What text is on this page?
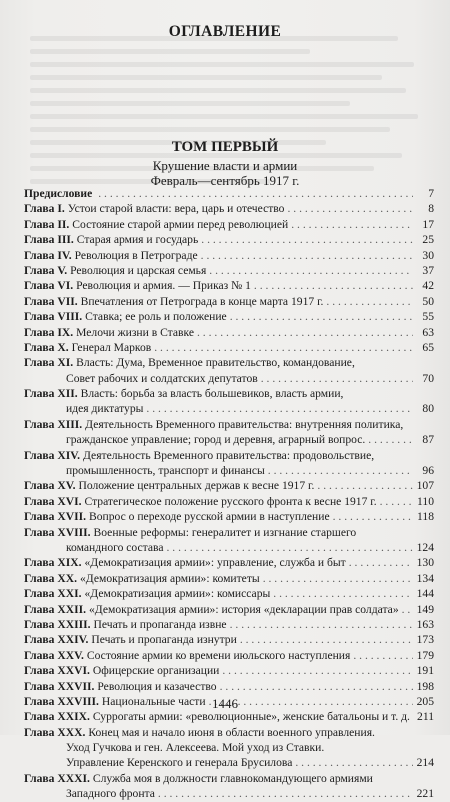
ОГЛАВЛЕНИЕ
ТОМ ПЕРВЫЙ
Крушение власти и армии
Февраль—сентябрь 1917 г.
Предисловие . . .	7
Глава I. Устои старой власти: вера, царь и отечество . . .	8
Глава II. Состояние старой армии перед революцией . . .	17
Глава III. Старая армия и государь . . .	25
Глава IV. Революция в Петрограде . . .	30
Глава V. Революция и царская семья . . .	37
Глава VI. Революция и армия. — Приказ № 1 . . .	42
Глава VII. Впечатления от Петрограда в конце марта 1917 г. . . .	50
Глава VIII. Ставка; ее роль и положение . . .	55
Глава IX. Мелочи жизни в Ставке . . .	63
Глава X. Генерал Марков . . .	65
Глава XI. Власть: Дума, Временное правительство, командование,
Совет рабочих и солдатских депутатов . . .	70
Глава XII. Власть: борьба за власть большевиков, власть армии,
идея диктатуры . . .	80
Глава XIII. Деятельность Временного правительства: внутренняя политика,
гражданское управление; город и деревня, аграрный вопрос. . . .	87
Глава XIV. Деятельность Временного правительства: продовольствие,
промышленность, транспорт и финансы . . .	96
Глава XV. Положение центральных держав к весне 1917 г. . . .	107
Глава XVI. Стратегическое положение русского фронта к весне 1917 г. . . .	110
Глава XVII. Вопрос о переходе русской армии в наступление . . .	118
Глава XVIII. Военные реформы: генералитет и изгнание старшего
командного состава . . .	124
Глава XIX. «Демократизация армии»: управление, служба и быт . . .	130
Глава XX. «Демократизация армии»: комитеты . . .	134
Глава XXI. «Демократизация армии»: комиссары . . .	144
Глава XXII. «Демократизация армии»: история «декларации прав солдата» . . . 149
Глава XXIII. Печать и пропаганда извне . . .	163
Глава XXIV. Печать и пропаганда изнутри . . .	173
Глава XXV. Состояние армии ко времени июльского наступления . . .	179
Глава XXVI. Офицерские организации . . .	191
Глава XXVII. Революция и казачество . . .	198
Глава XXVIII. Национальные части . . .	205
Глава XXIX. Суррогаты армии: «революционные», женские батальоны и т. д. . . . 211
Глава XXX. Конец мая и начало июня в области военного управления.
Уход Гучкова и ген. Алексеева. Мой уход из Ставки.
Управление Керенского и генерала Брусилова . . .	214
Глава XXXI. Служба моя в должности главнокомандующего армиями
Западного фронта . . .	221
1446
